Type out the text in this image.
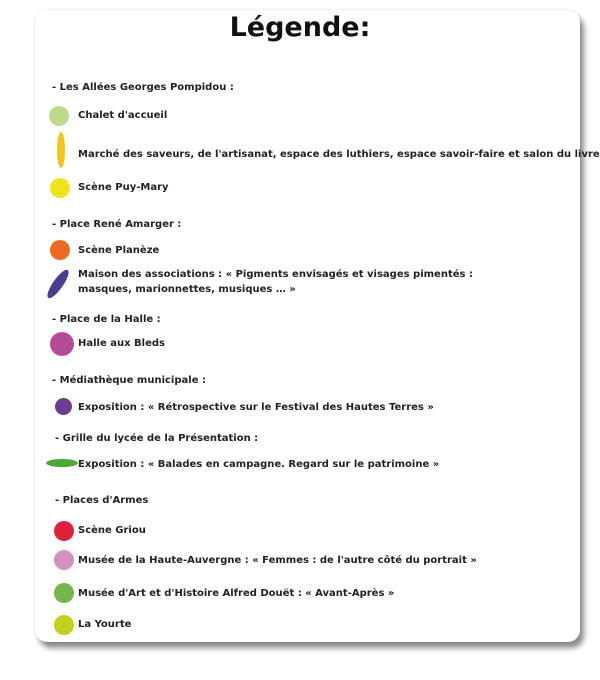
Légende:
- Les Allées Georges Pompidou :
- Place René Amarger :
- Place de la Halle :
- Médiathèque municipale :
- Grille du lycée de la Présentation :
- Places d'Armes
Chalet d'accueil
Marché des saveurs, de l'artisanat, espace des luthiers, espace savoir-faire et salon du livre
Scène Puy-Mary
Scène Planèze
Maison des associations : « Pigments envisagés et visages pimentés :
masques, marionnettes, musiques … »
Halle aux Bleds
Exposition : « Rétrospective sur le Festival des Hautes Terres »
Exposition : « Balades en campagne. Regard sur le patrimoine »
Scène Griou
Musée de la Haute-Auvergne : « Femmes : de l'autre côté du portrait »
Musée d'Art et d'Histoire Alfred Douët : « Avant-Après »
La Yourte
